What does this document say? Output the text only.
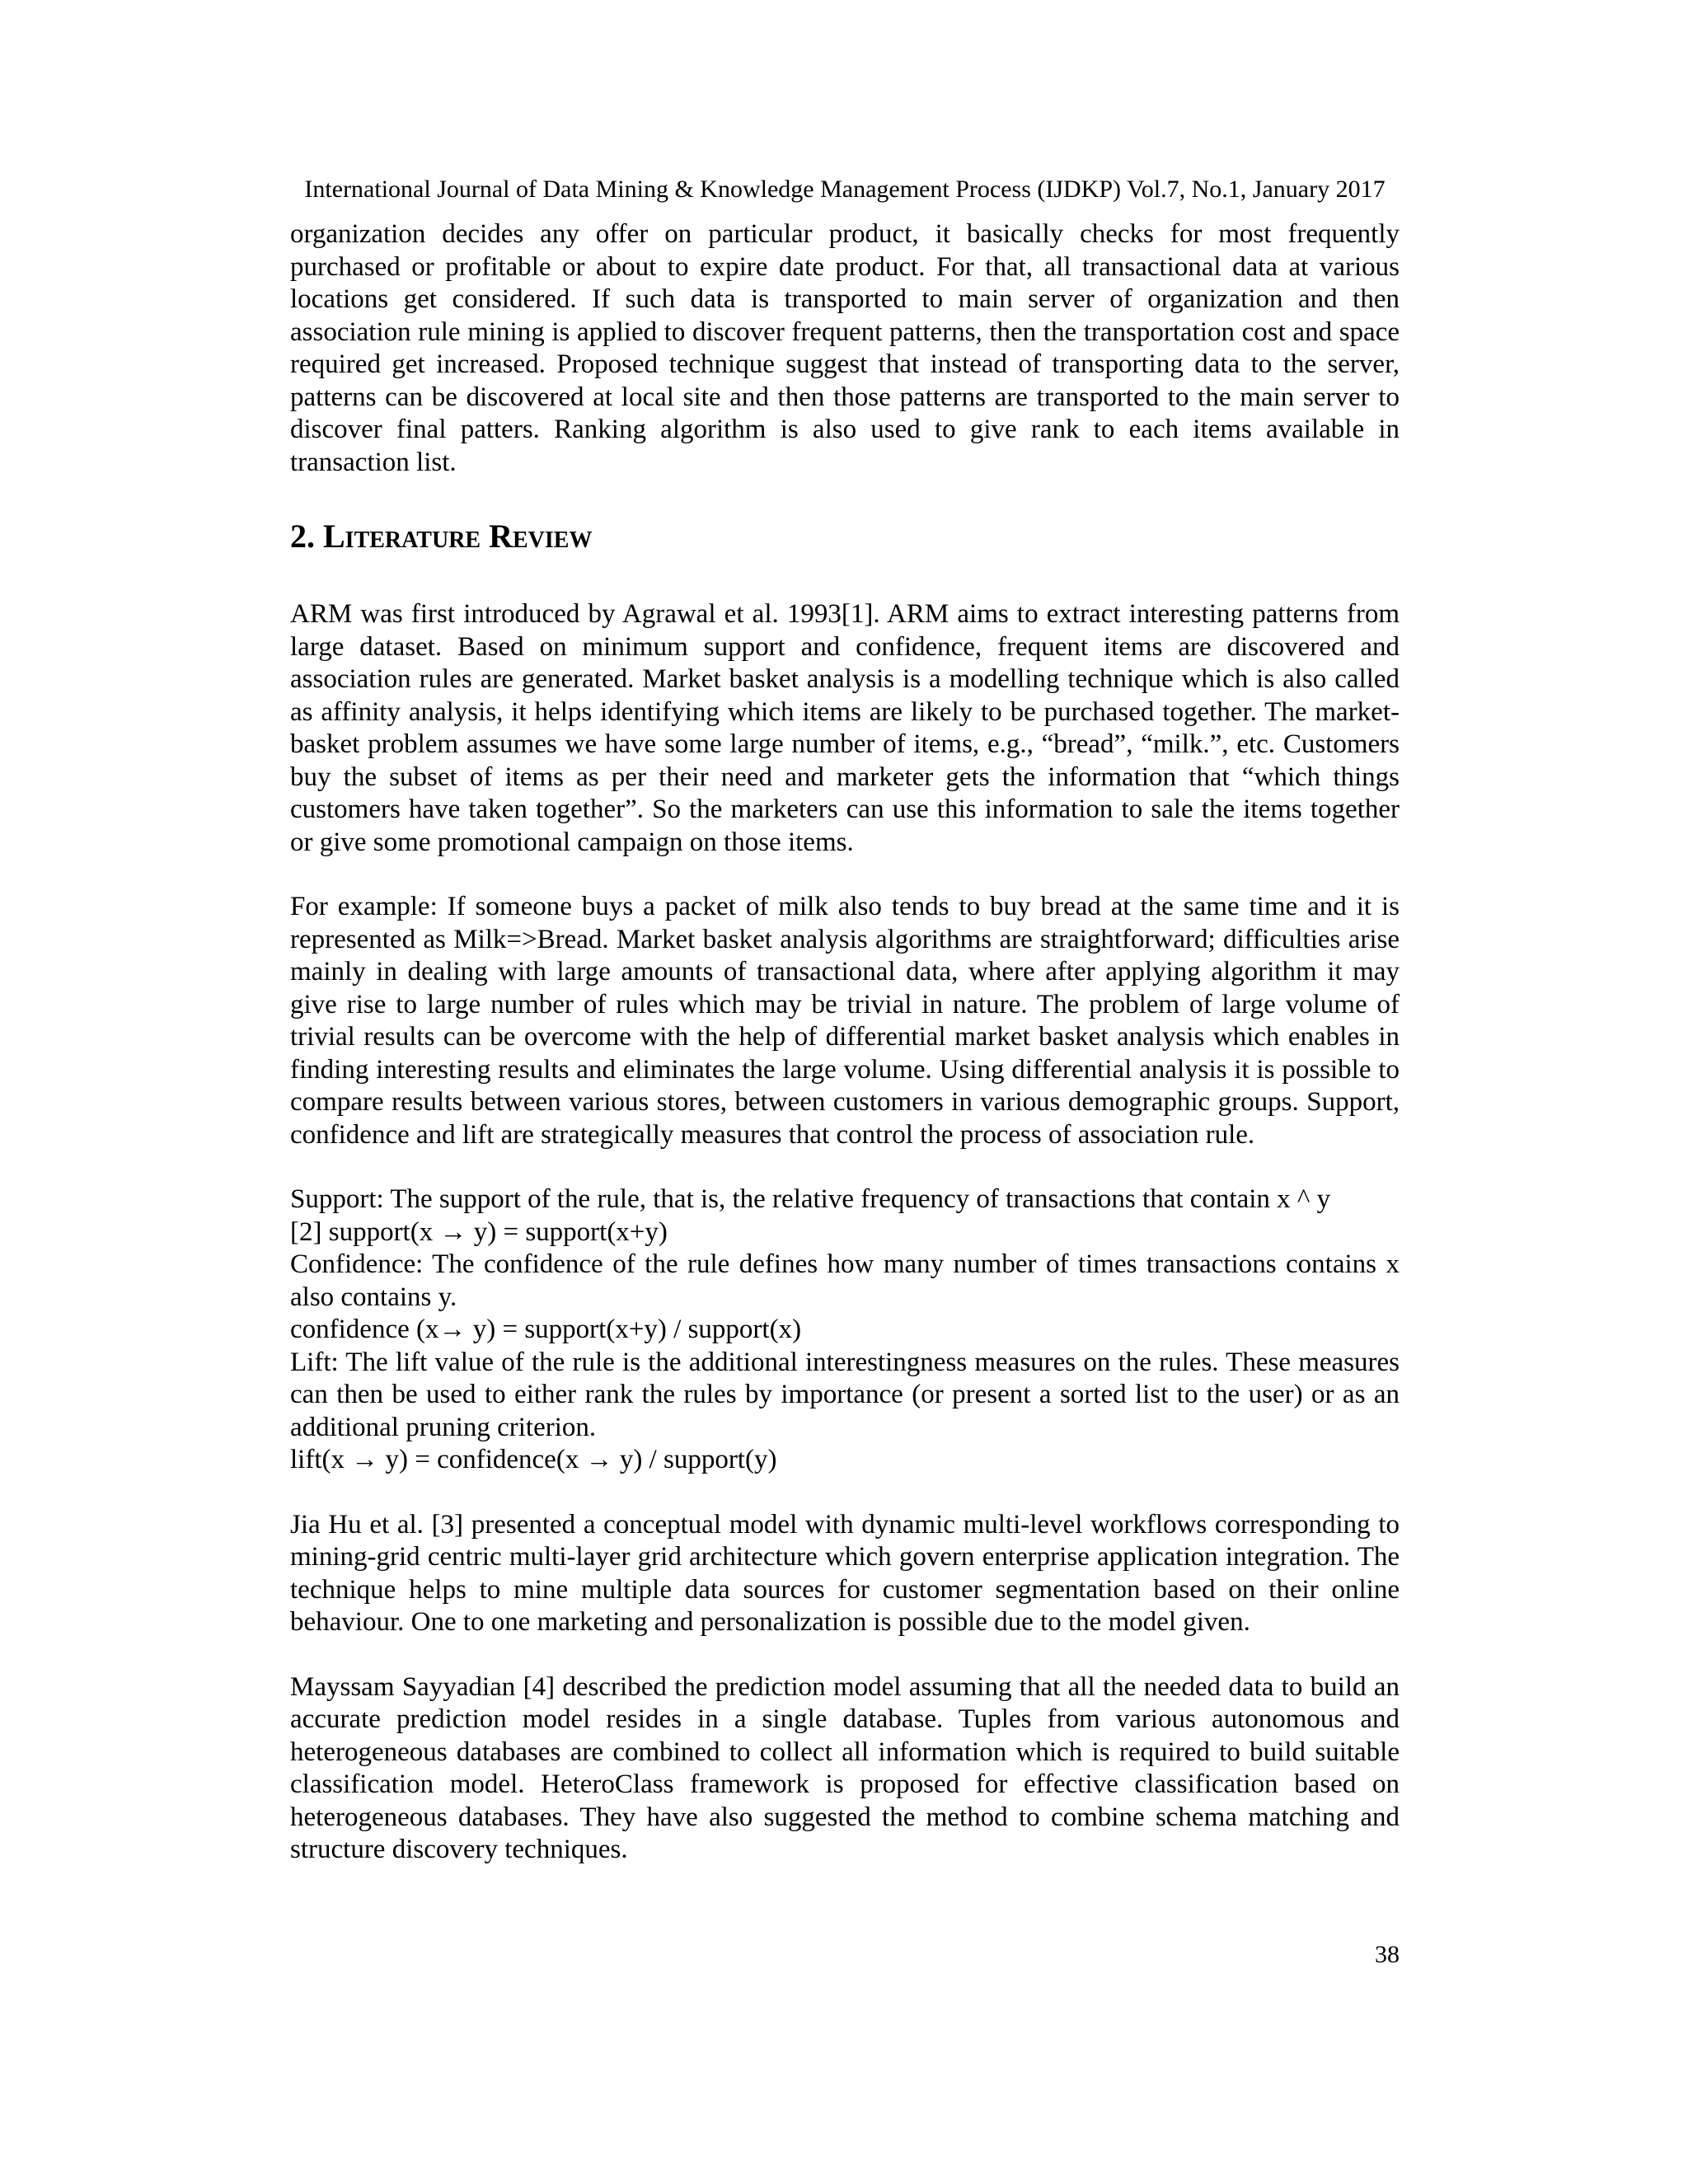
International Journal of Data Mining & Knowledge Management Process (IJDKP) Vol.7, No.1, January 2017

organization decides any offer on particular product, it basically checks for most frequently purchased or profitable or about to expire date product. For that, all transactional data at various locations get considered. If such data is transported to main server of organization and then association rule mining is applied to discover frequent patterns, then the transportation cost and space required get increased. Proposed technique suggest that instead of transporting data to the server, patterns can be discovered at local site and then those patterns are transported to the main server to discover final patters. Ranking algorithm is also used to give rank to each items available in transaction list.

2. Literature Review

ARM was first introduced by Agrawal et al. 1993[1]. ARM aims to extract interesting patterns from large dataset. Based on minimum support and confidence, frequent items are discovered and association rules are generated. Market basket analysis is a modelling technique which is also called as affinity analysis, it helps identifying which items are likely to be purchased together. The market-basket problem assumes we have some large number of items, e.g., “bread”, “milk.”, etc. Customers buy the subset of items as per their need and marketer gets the information that “which things customers have taken together”. So the marketers can use this information to sale the items together or give some promotional campaign on those items.

For example: If someone buys a packet of milk also tends to buy bread at the same time and it is represented as Milk=>Bread. Market basket analysis algorithms are straightforward; difficulties arise mainly in dealing with large amounts of transactional data, where after applying algorithm it may give rise to large number of rules which may be trivial in nature. The problem of large volume of trivial results can be overcome with the help of differential market basket analysis which enables in finding interesting results and eliminates the large volume. Using differential analysis it is possible to compare results between various stores, between customers in various demographic groups. Support, confidence and lift are strategically measures that control the process of association rule.

Support: The support of the rule, that is, the relative frequency of transactions that contain x ^ y

[2] support(x → y) = support(x+y)

Confidence: The confidence of the rule defines how many number of times transactions contains x also contains y.

confidence (x→ y) = support(x+y) / support(x)

Lift: The lift value of the rule is the additional interestingness measures on the rules. These measures can then be used to either rank the rules by importance (or present a sorted list to the user) or as an additional pruning criterion.

lift(x → y) = confidence(x → y) / support(y)

Jia Hu et al. [3] presented a conceptual model with dynamic multi-level workflows corresponding to mining-grid centric multi-layer grid architecture which govern enterprise application integration. The technique helps to mine multiple data sources for customer segmentation based on their online behaviour. One to one marketing and personalization is possible due to the model given.

Mayssam Sayyadian [4] described the prediction model assuming that all the needed data to build an accurate prediction model resides in a single database. Tuples from various autonomous and heterogeneous databases are combined to collect all information which is required to build suitable classification model. HeteroClass framework is proposed for effective classification based on heterogeneous databases. They have also suggested the method to combine schema matching and structure discovery techniques.

38
